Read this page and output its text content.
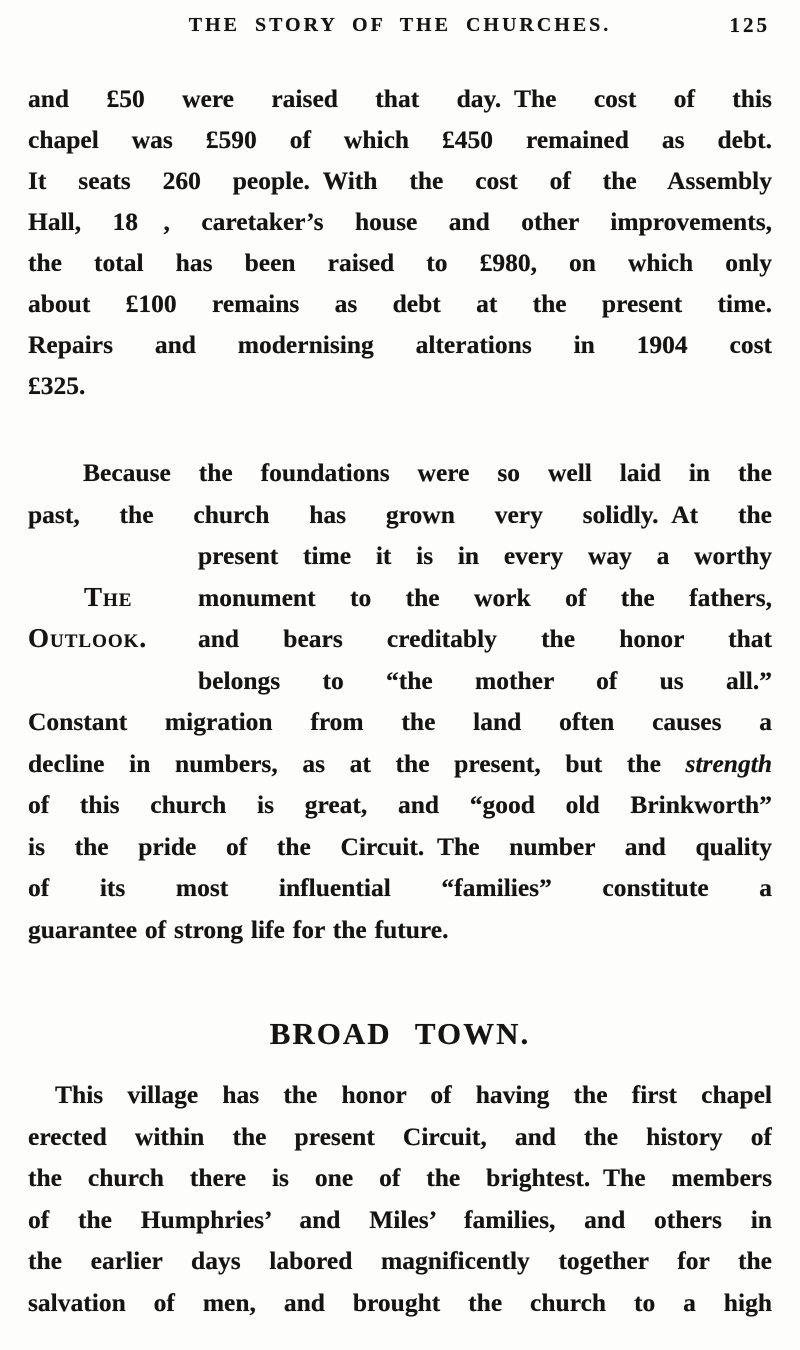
THE STORY OF THE CHURCHES.	125
and £50 were raised that day. The cost of this
chapel was £590 of which £450 remained as debt.
It seats 260 people. With the cost of the Assembly
Hall, 18 , caretaker’s house and other improvements,
the total has been raised to £980, on which only
about £100 remains as debt at the present time.
Repairs and modernising alterations in 1904 cost
£325.
The
Outlook.
Because the foundations were so well laid in the
past, the church has grown very solidly. At the
present time it is in every way a worthy
monument to the work of the fathers,
and bears creditably the honor that
belongs to “the mother of us all.”
Constant migration from the land often causes a
decline in numbers, as at the present, but the strength
of this church is great, and “good old Brinkworth”
is the pride of the Circuit. The number and quality
of its most influential “families” constitute a
guarantee of strong life for the future.
BROAD TOWN.
This village has the honor of having the first chapel
erected within the present Circuit, and the history of
the church there is one of the brightest. The members
of the Humphries’ and Miles’ families, and others in
the earlier days labored magnificently together for the
salvation of men, and brought the church to a high
